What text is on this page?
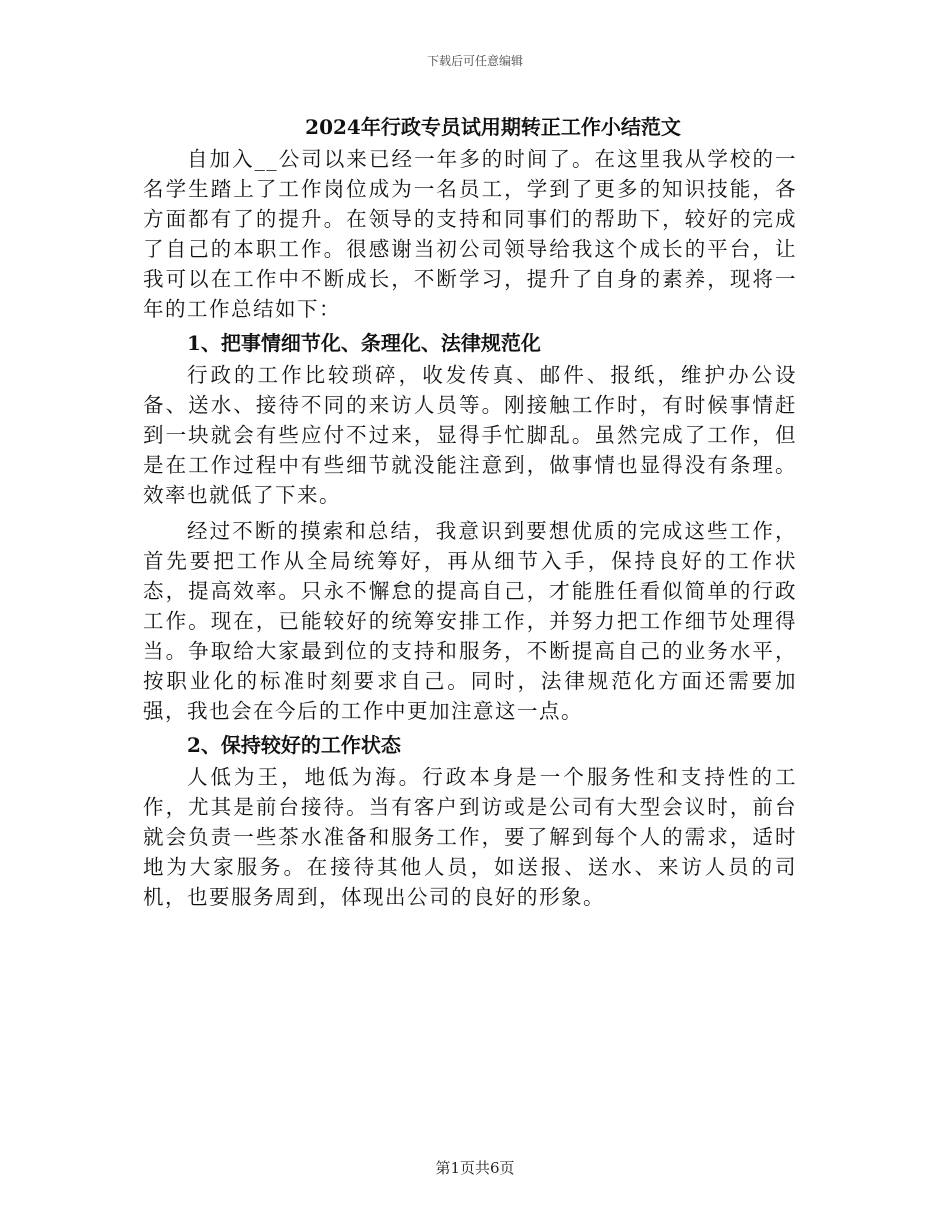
下载后可任意编辑
2024年行政专员试用期转正工作小结范文

自加入__公司以来已经一年多的时间了。在这里我从学校的一名学生踏上了工作岗位成为一名员工，学到了更多的知识技能，各方面都有了的提升。在领导的支持和同事们的帮助下，较好的完成了自己的本职工作。很感谢当初公司领导给我这个成长的平台，让我可以在工作中不断成长，不断学习，提升了自身的素养，现将一年的工作总结如下：

1、把事情细节化、条理化、法律规范化

行政的工作比较琐碎，收发传真、邮件、报纸，维护办公设备、送水、接待不同的来访人员等。刚接触工作时，有时候事情赶到一块就会有些应付不过来，显得手忙脚乱。虽然完成了工作，但是在工作过程中有些细节就没能注意到，做事情也显得没有条理。效率也就低了下来。

经过不断的摸索和总结，我意识到要想优质的完成这些工作，首先要把工作从全局统筹好，再从细节入手，保持良好的工作状态，提高效率。只永不懈怠的提高自己，才能胜任看似简单的行政工作。现在，已能较好的统筹安排工作，并努力把工作细节处理得当。争取给大家最到位的支持和服务，不断提高自己的业务水平，按职业化的标准时刻要求自己。同时，法律规范化方面还需要加强，我也会在今后的工作中更加注意这一点。

2、保持较好的工作状态

人低为王，地低为海。行政本身是一个服务性和支持性的工作，尤其是前台接待。当有客户到访或是公司有大型会议时，前台就会负责一些茶水准备和服务工作，要了解到每个人的需求，适时地为大家服务。在接待其他人员，如送报、送水、来访人员的司机，也要服务周到，体现出公司的良好的形象。

第1页共6页
